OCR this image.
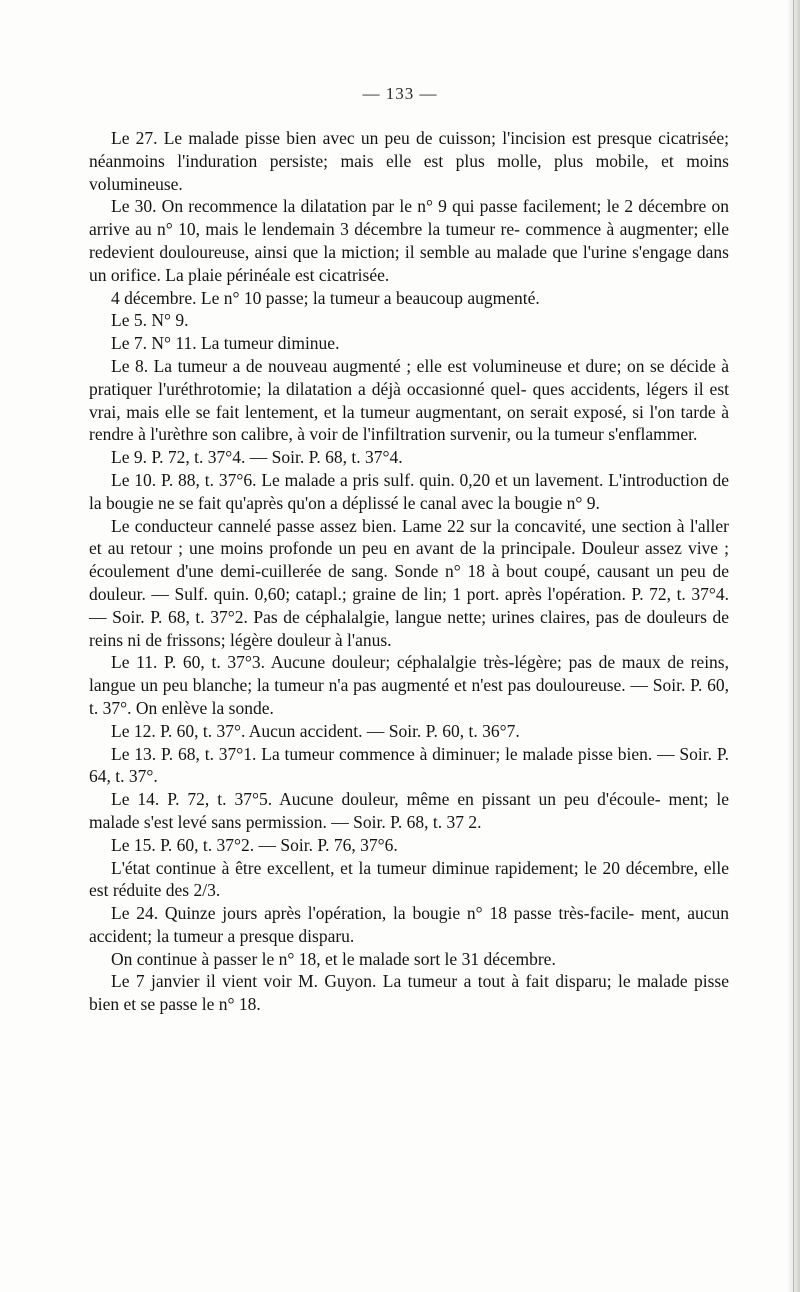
— 133 —

Le 27. Le malade pisse bien avec un peu de cuisson; l'incision est presque cicatrisée; néanmoins l'induration persiste; mais elle est plus molle, plus mobile, et moins volumineuse.

Le 30. On recommence la dilatation par le n° 9 qui passe facilement; le 2 décembre on arrive au n° 10, mais le lendemain 3 décembre la tumeur re- commence à augmenter; elle redevient douloureuse, ainsi que la miction; il semble au malade que l'urine s'engage dans un orifice. La plaie périnéale est cicatrisée.

4 décembre. Le n° 10 passe; la tumeur a beaucoup augmenté.

Le 5. N° 9.

Le 7. N° 11. La tumeur diminue.

Le 8. La tumeur a de nouveau augmenté ; elle est volumineuse et dure; on se décide à pratiquer l'uréthrotomie; la dilatation a déjà occasionné quel- ques accidents, légers il est vrai, mais elle se fait lentement, et la tumeur augmentant, on serait exposé, si l'on tarde à rendre à l'urèthre son calibre, à voir de l'infiltration survenir, ou la tumeur s'enflammer.

Le 9. P. 72, t. 37°4. — Soir. P. 68, t. 37°4.

Le 10. P. 88, t. 37°6. Le malade a pris sulf. quin. 0,20 et un lavement. L'introduction de la bougie ne se fait qu'après qu'on a déplissé le canal avec la bougie n° 9.

Le conducteur cannelé passe assez bien. Lame 22 sur la concavité, une section à l'aller et au retour ; une moins profonde un peu en avant de la principale. Douleur assez vive ; écoulement d'une demi-cuillerée de sang. Sonde n° 18 à bout coupé, causant un peu de douleur. — Sulf. quin. 0,60; catapl.; graine de lin; 1 port. après l'opération. P. 72, t. 37°4. — Soir. P. 68, t. 37°2. Pas de céphalalgie, langue nette; urines claires, pas de douleurs de reins ni de frissons; légère douleur à l'anus.

Le 11. P. 60, t. 37°3. Aucune douleur; céphalalgie très-légère; pas de maux de reins, langue un peu blanche; la tumeur n'a pas augmenté et n'est pas douloureuse. — Soir. P. 60, t. 37°. On enlève la sonde.

Le 12. P. 60, t. 37°. Aucun accident. — Soir. P. 60, t. 36°7.

Le 13. P. 68, t. 37°1. La tumeur commence à diminuer; le malade pisse bien. — Soir. P. 64, t. 37°.

Le 14. P. 72, t. 37°5. Aucune douleur, même en pissant un peu d'écoule- ment; le malade s'est levé sans permission. — Soir. P. 68, t. 37 2.

Le 15. P. 60, t. 37°2. — Soir. P. 76, 37°6.

L'état continue à être excellent, et la tumeur diminue rapidement; le 20 décembre, elle est réduite des 2/3.

Le 24. Quinze jours après l'opération, la bougie n° 18 passe très-facile- ment, aucun accident; la tumeur a presque disparu.

On continue à passer le n° 18, et le malade sort le 31 décembre.

Le 7 janvier il vient voir M. Guyon. La tumeur a tout à fait disparu; le malade pisse bien et se passe le n° 18.
